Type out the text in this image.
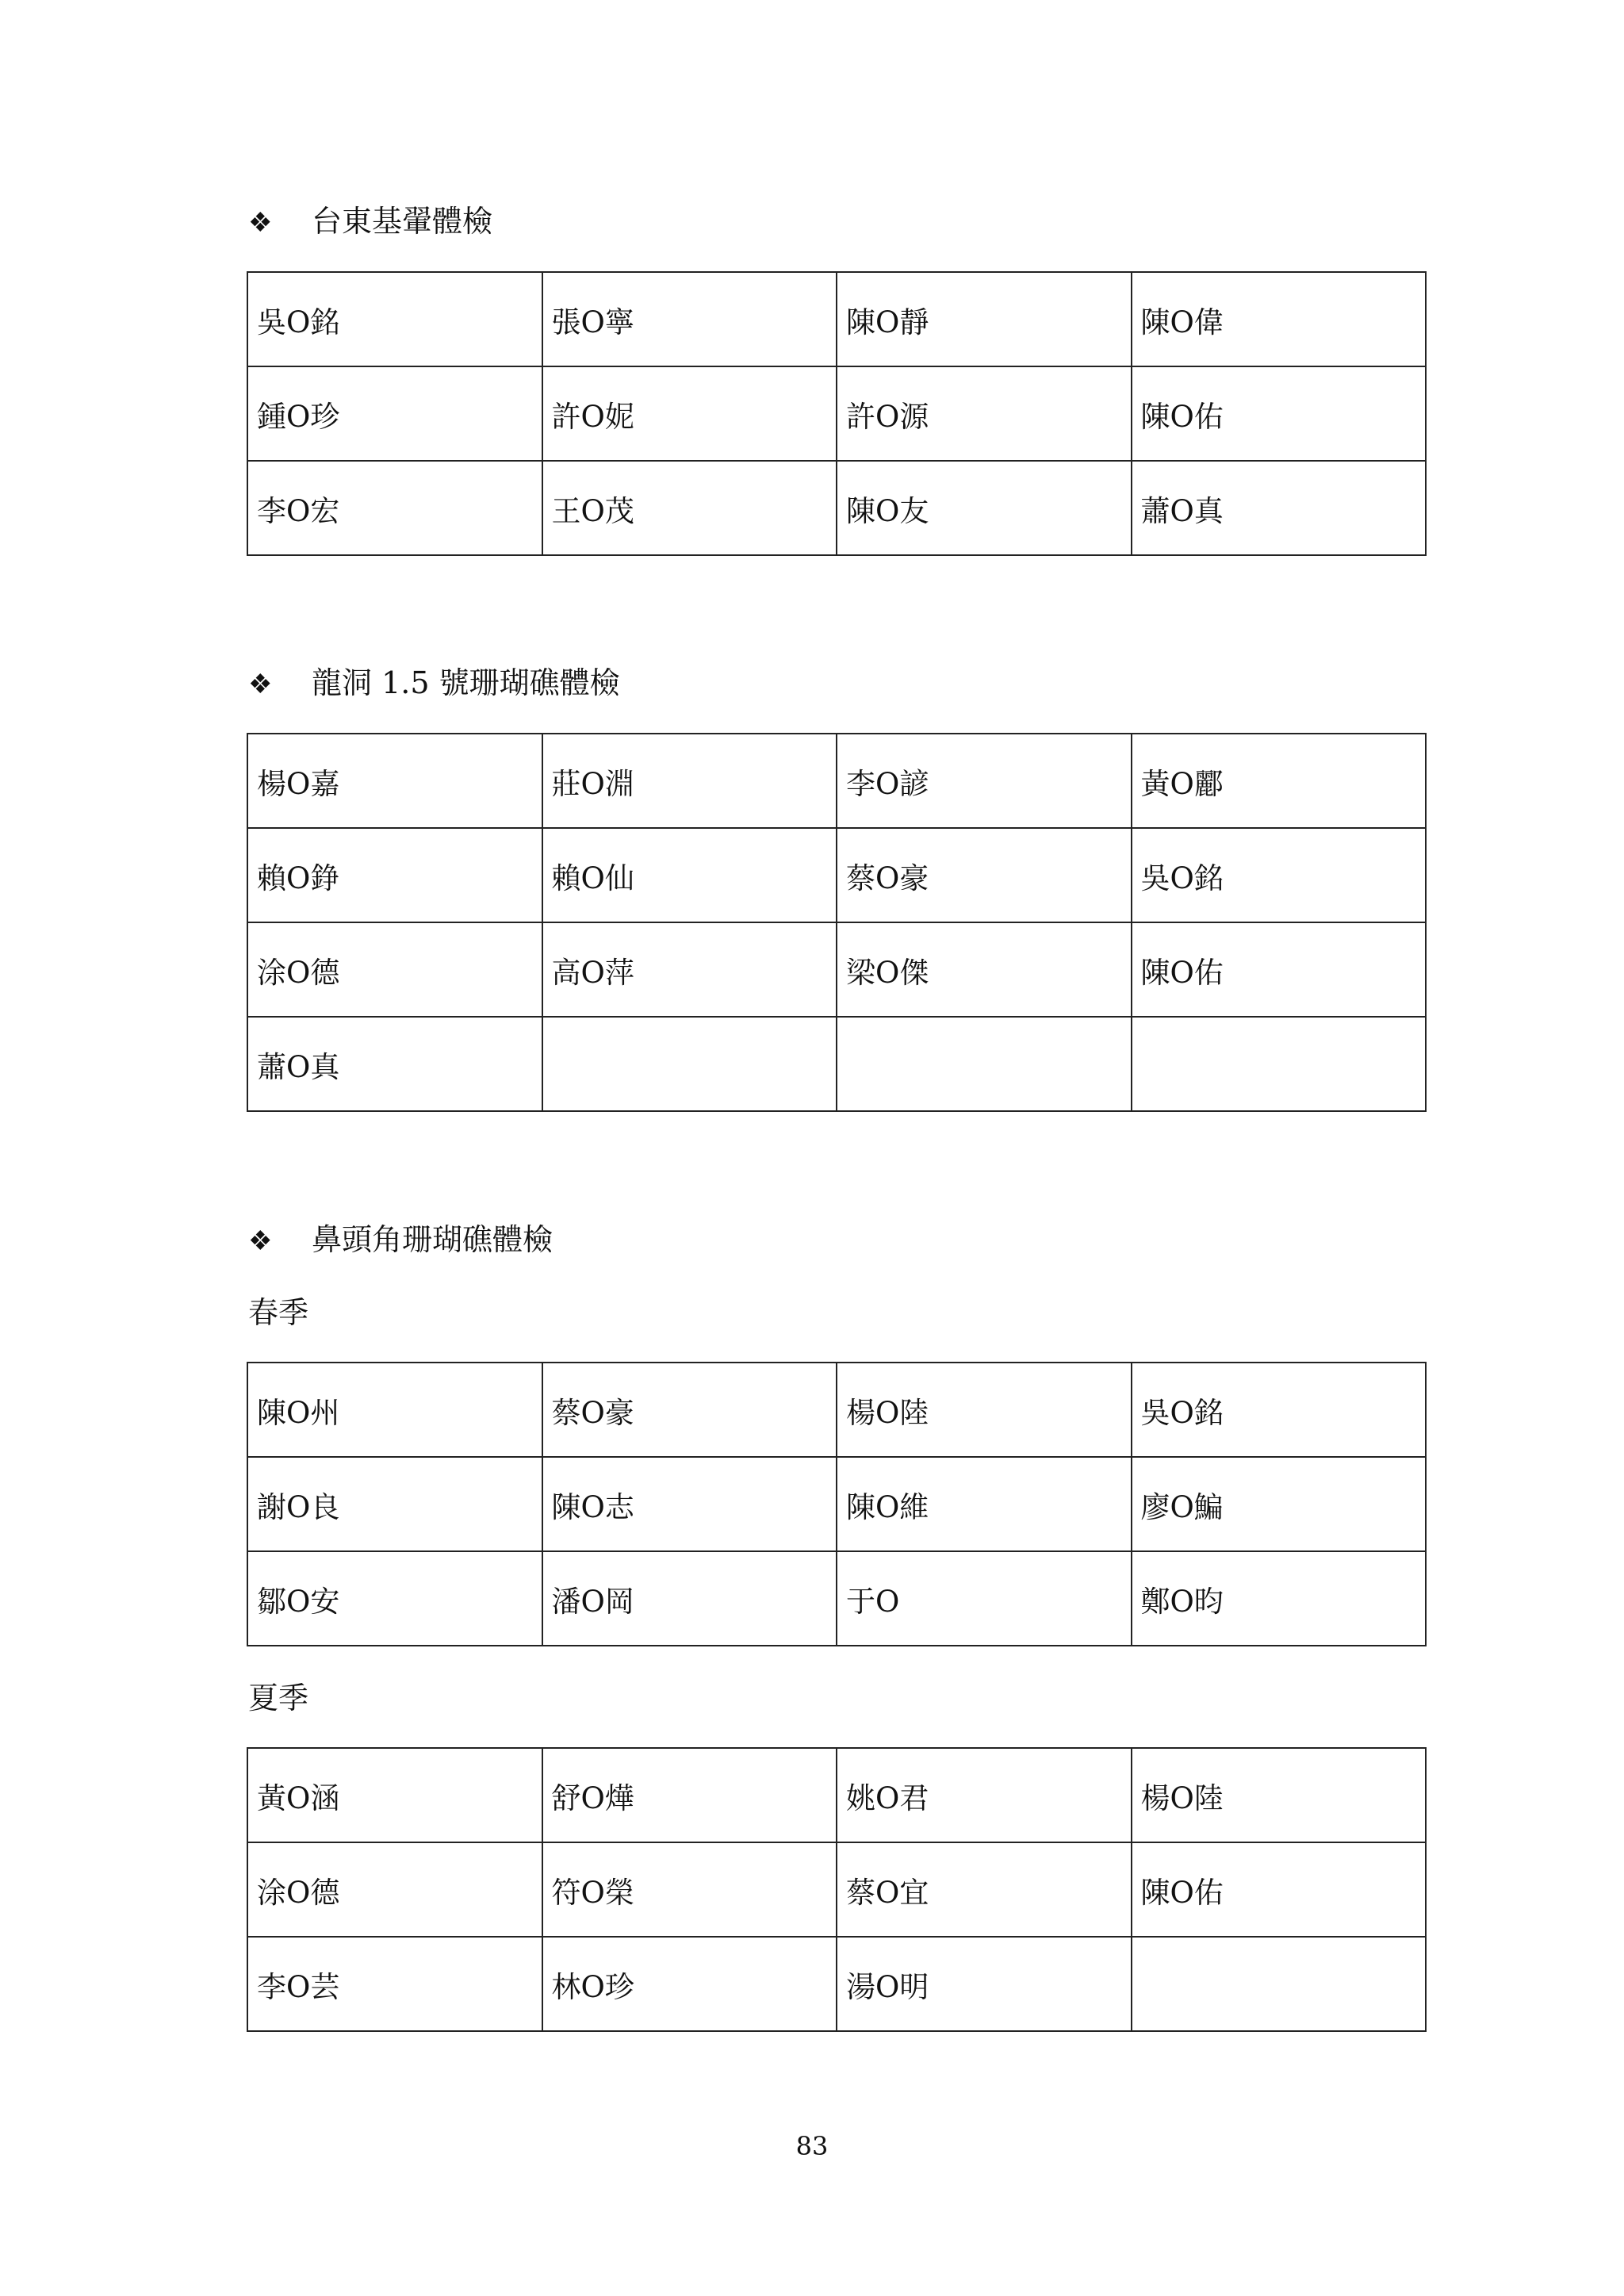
❖ 台東基翬體檢
吳O銘	張O寧	陳O靜	陳O偉
鍾O珍	許O妮	許O源	陳O佑
李O宏	王O茂	陳O友	蕭O真
❖ 龍洞 1.5 號珊瑚礁體檢
楊O嘉	莊O淵	李O諺	黃O酈
賴O錚	賴O仙	蔡O豪	吳O銘
涂O德	高O萍	梁O傑	陳O佑
蕭O真			
❖ 鼻頭角珊瑚礁體檢
春季
陳O州	蔡O豪	楊O陸	吳O銘
謝O良	陳O志	陳O維	廖O鯿
鄒O安	潘O岡	于O	鄭O昀
夏季
黃O涵	舒O燁	姚O君	楊O陸
涂O德	符O榮	蔡O宜	陳O佑
李O芸	林O珍	湯O明	
83
